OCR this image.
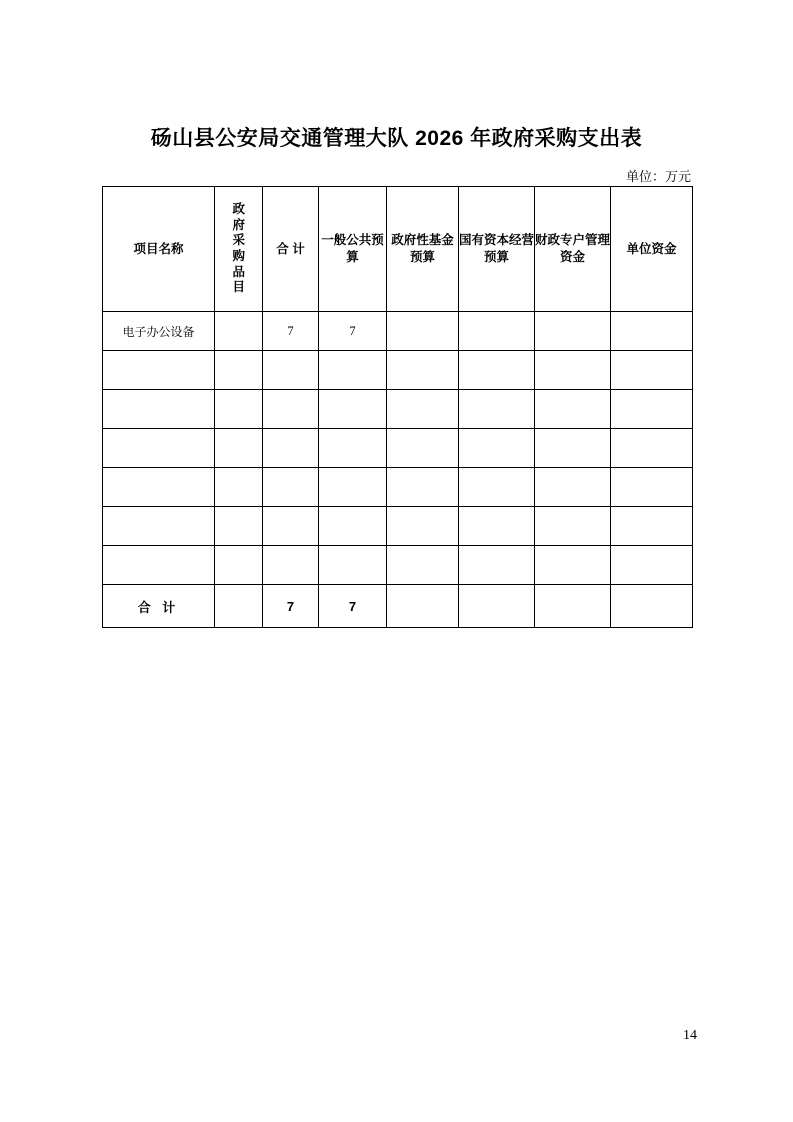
砀山县公安局交通管理大队 2026 年政府采购支出表
单位：万元
项目名称	政府采购品目	合 计	一般公共预算	政府性基金预算	国有资本经营预算	财政专户管理资金	单位资金
电子办公设备		7	7				

合 计		7	7				
14
